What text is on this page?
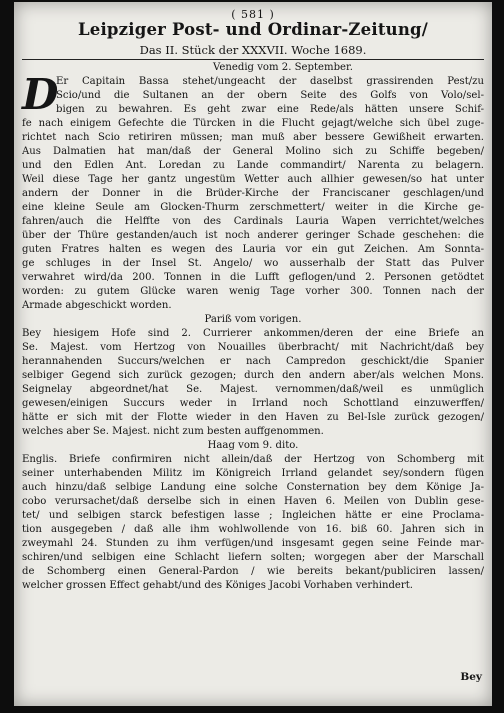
( 581 )
Leipziger Post- und Ordinar-Zeitung/
Das II. Stück der XXXVII. Woche 1689.
Venedig vom 2. September.
D
Er Capitain Bassa stehet/ungeacht der daselbst grassirenden Pest/zu
Scio/und die Sultanen an der obern Seite des Golfs von Volo/sel-
bigen zu bewahren. Es geht zwar eine Rede/als hätten unsere Schif-
fe nach einigem Gefechte die Türcken in die Flucht gejagt/welche sich übel zuge-
richtet nach Scio retiriren müssen; man muß aber bessere Gewißheit erwarten.
Aus Dalmatien hat man/daß der General Molino sich zu Schiffe begeben/
und den Edlen Ant. Loredan zu Lande commandirt/ Narenta zu belagern.
Weil diese Tage her gantz ungestüm Wetter auch allhier gewesen/so hat unter
andern der Donner in die Brüder-Kirche der Franciscaner geschlagen/und
eine kleine Seule am Glocken-Thurm zerschmettert/ weiter in die Kirche ge-
fahren/auch die Helffte von des Cardinals Lauria Wapen verrichtet/welches
über der Thüre gestanden/auch ist noch anderer geringer Schade geschehen: die
guten Fratres halten es wegen des Lauria vor ein gut Zeichen. Am Sonnta-
ge schluges in der Insel St. Angelo/ wo ausserhalb der Statt das Pulver
verwahret wird/da 200. Tonnen in die Lufft geflogen/und 2. Personen getödtet
worden: zu gutem Glücke waren wenig Tage vorher 300. Tonnen nach der
Armade abgeschickt worden.
Pariß vom vorigen.
Bey hiesigem Hofe sind 2. Currierer ankommen/deren der eine Briefe an
Se. Majest. vom Hertzog von Nouailles überbracht/ mit Nachricht/daß bey
herannahenden Succurs/welchen er nach Campredon geschickt/die Spanier
selbiger Gegend sich zurück gezogen; durch den andern aber/als welchen Mons.
Seignelay abgeordnet/hat Se. Majest. vernommen/daß/weil es unmüglich
gewesen/einigen Succurs weder in Irrland noch Schottland einzuwerffen/
hätte er sich mit der Flotte wieder in den Haven zu Bel-Isle zurück gezogen/
welches aber Se. Majest. nicht zum besten auffgenommen.
Haag vom 9. dito.
Englis. Briefe confirmiren nicht allein/daß der Hertzog von Schomberg mit
seiner unterhabenden Militz im Königreich Irrland gelandet sey/sondern fügen
auch hinzu/daß selbige Landung eine solche Consternation bey dem Könige Ja-
cobo verursachet/daß derselbe sich in einen Haven 6. Meilen von Dublin gese-
tet/ und selbigen starck befestigen lasse ; Ingleichen hätte er eine Proclama-
tion ausgegeben / daß alle ihm wohlwollende von 16. biß 60. Jahren sich in
zweymahl 24. Stunden zu ihm verfügen/und insgesamt gegen seine Feinde mar-
schiren/und selbigen eine Schlacht liefern solten; worgegen aber der Marschall
de Schomberg einen General-Pardon / wie bereits bekant/publiciren lassen/
welcher grossen Effect gehabt/und des Königes Jacobi Vorhaben verhindert.
Bey
